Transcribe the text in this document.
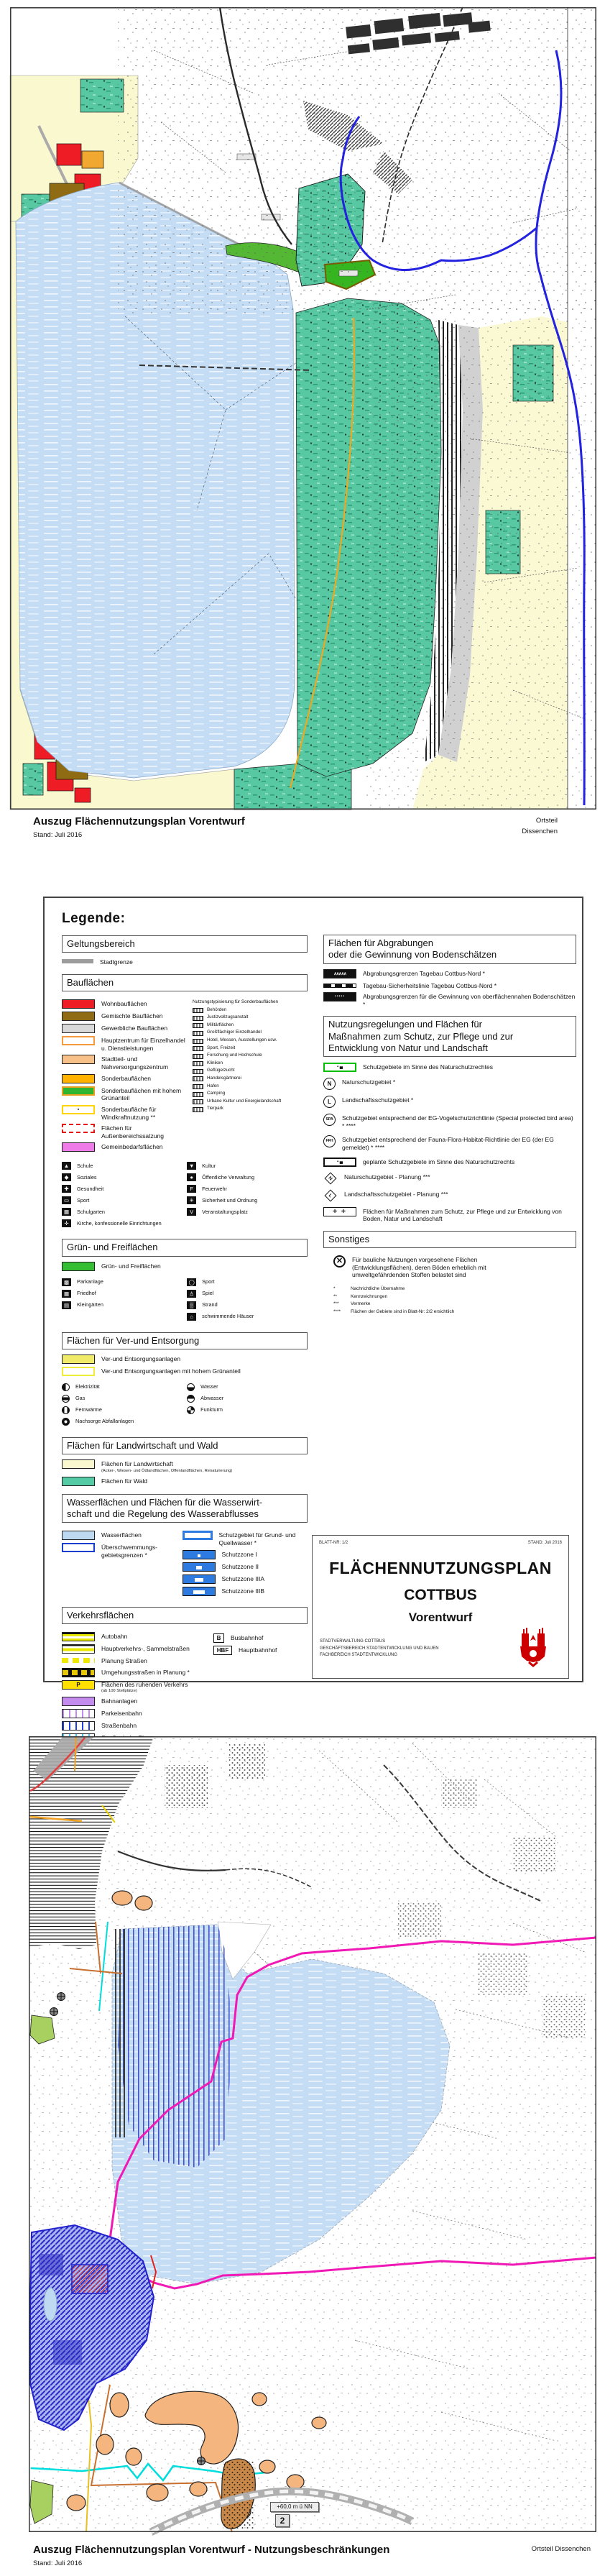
Auszug Flächennutzungsplan Vorentwurf
Stand: Juli 2016
Ortsteil
Dissenchen
Legende:
Geltungsbereich
Stadtgrenze
Bauflächen
Wohnbauflächen
Gemischte Bauflächen
Gewerbliche Bauflächen
Hauptzentrum für Einzelhandel u. Dienstleistungen
Stadtteil- und Nahversorgungszentrum
Sonderbauflächen
Sonderbauflächen mit hohem Grünanteil
▪	Sonderbaufläche für Windkraftnutzung **
Flächen für Außenbereichssatzung
Gemeinbedarfsflächen
Nutzungstypisierung für Sonderbauflächen
Behörden
Justizvollzugsanstalt
Militärflächen
Großflächiger Einzelhandel
Hotel, Messen, Ausstellungen usw.
Sport, Freizeit
Forschung und Hochschule
Kliniken
Geflügelzucht
Handelsgärtnerei
Hafen
Camping
Urbane Kultur und Energielandschaft
Tierpark
▲	Schule
◆	Soziales
✚	Gesundheit
▭	Sport
▦	Schulgarten
✛	Kirche, konfessionelle Einrichtungen
▼	Kultur
●	Öffentliche Verwaltung
F	Feuerwehr
✳	Sicherheit und Ordnung
V	Veranstaltungsplatz
Grün- und Freiflächen
Grün- und Freiflächen
▩	Parkanlage
▦	Friedhof
▤	Kleingärten
◯	Sport
♙	Spiel
▒	Strand
⌂	schwimmende Häuser
Flächen für Ver-und Entsorgung
Ver-und Entsorgungsanlagen
Ver-und Entsorgungsanlagen mit hohem Grünanteil
Elektrizität
Gas
Fernwärme
Nachsorge Abfallanlagen
Wasser
Abwasser
Funkturm
Flächen für Landwirtschaft und Wald
Flächen für Landwirtschaft
(Acker-, Wiesen- und Ödlandflächen, Offenlandflächen, Renaturierung)
Flächen für Wald
Wasserflächen und Flächen für die Wasserwirt-
schaft und die Regelung des Wasserabflusses
Wasserflächen
Überschwemmungs- gebietsgrenzen *
Schutzgebiet für Grund- und Quellwasser *
Schutzzone I
Schutzzone II
Schutzzone IIIA
Schutzzone IIIB
Verkehrsflächen
Autobahn
Hauptverkehrs-, Sammelstraßen
Planung Straßen
Umgehungsstraßen in Planung *
P	Flächen des ruhenden Verkehrs
(ab 100 Stellplätze)
Bahnanlagen
Parkeisenbahn
Straßenbahn
B	Busbahnhof
HBF	Hauptbahnhof
Flächen für Abgrabungen
oder die Gewinnung von Bodenschätzen
∧∧∧∧∧	Abgrabungsgrenzen Tagebau Cottbus-Nord *
Tagebau-Sicherheitslinie Tagebau Cottbus-Nord *
•••••	Abgrabungsgrenzen für die Gewinnung von oberflächennahen Bodenschätzen *
Nutzungsregelungen und Flächen für
Maßnahmen zum Schutz, zur Pflege und zur
Entwicklung von Natur und Landschaft
▪ ▄	Schutzgebiete im Sinne des Naturschutzrechtes
N	Naturschutzgebiet *
L	Landschaftsschutzgebiet *
SPA	Schutzgebiet entsprechend der EG-Vogelschutzrichtlinie (Special protected bird area) * ****
FFH	Schutzgebiet entsprechend der Fauna-Flora-Habitat-Richtlinie der EG (der EG gemeldet) * ****
▪ ▄	geplante Schutzgebiete im Sinne des Naturschutzrechts
N	Naturschutzgebiet - Planung ***
L	Landschaftsschutzgebiet - Planung ***
✛ ✛	Flächen für Maßnahmen zum Schutz, zur Pflege und zur Entwicklung von Boden, Natur und Landschaft
Sonstiges
✕	Für bauliche Nutzungen vorgesehene Flächen (Entwicklungsflächen), deren Böden erheblich mit umweltgefährdenden Stoffen belastet sind
*	Nachrichtliche Übernahme
**	Kennzeichnungen
***	Vermerke
****	Flächen der Gebiete sind in Blatt-Nr: 2/2 ersichtlich
BLATT-NR: 1/2	STAND: Juli 2016
FLÄCHENNUTZUNGSPLAN
COTTBUS
Vorentwurf
STADTVERWALTUNG COTTBUS
GESCHÄFTSBEREICH STADTENTWICKLUNG UND BAUEN
FACHBEREICH STADTENTWICKLUNG
+60,0 m ü NN
2
Auszug Flächennutzungsplan Vorentwurf - Nutzungsbeschränkungen
Stand: Juli 2016
Ortsteil Dissenchen
